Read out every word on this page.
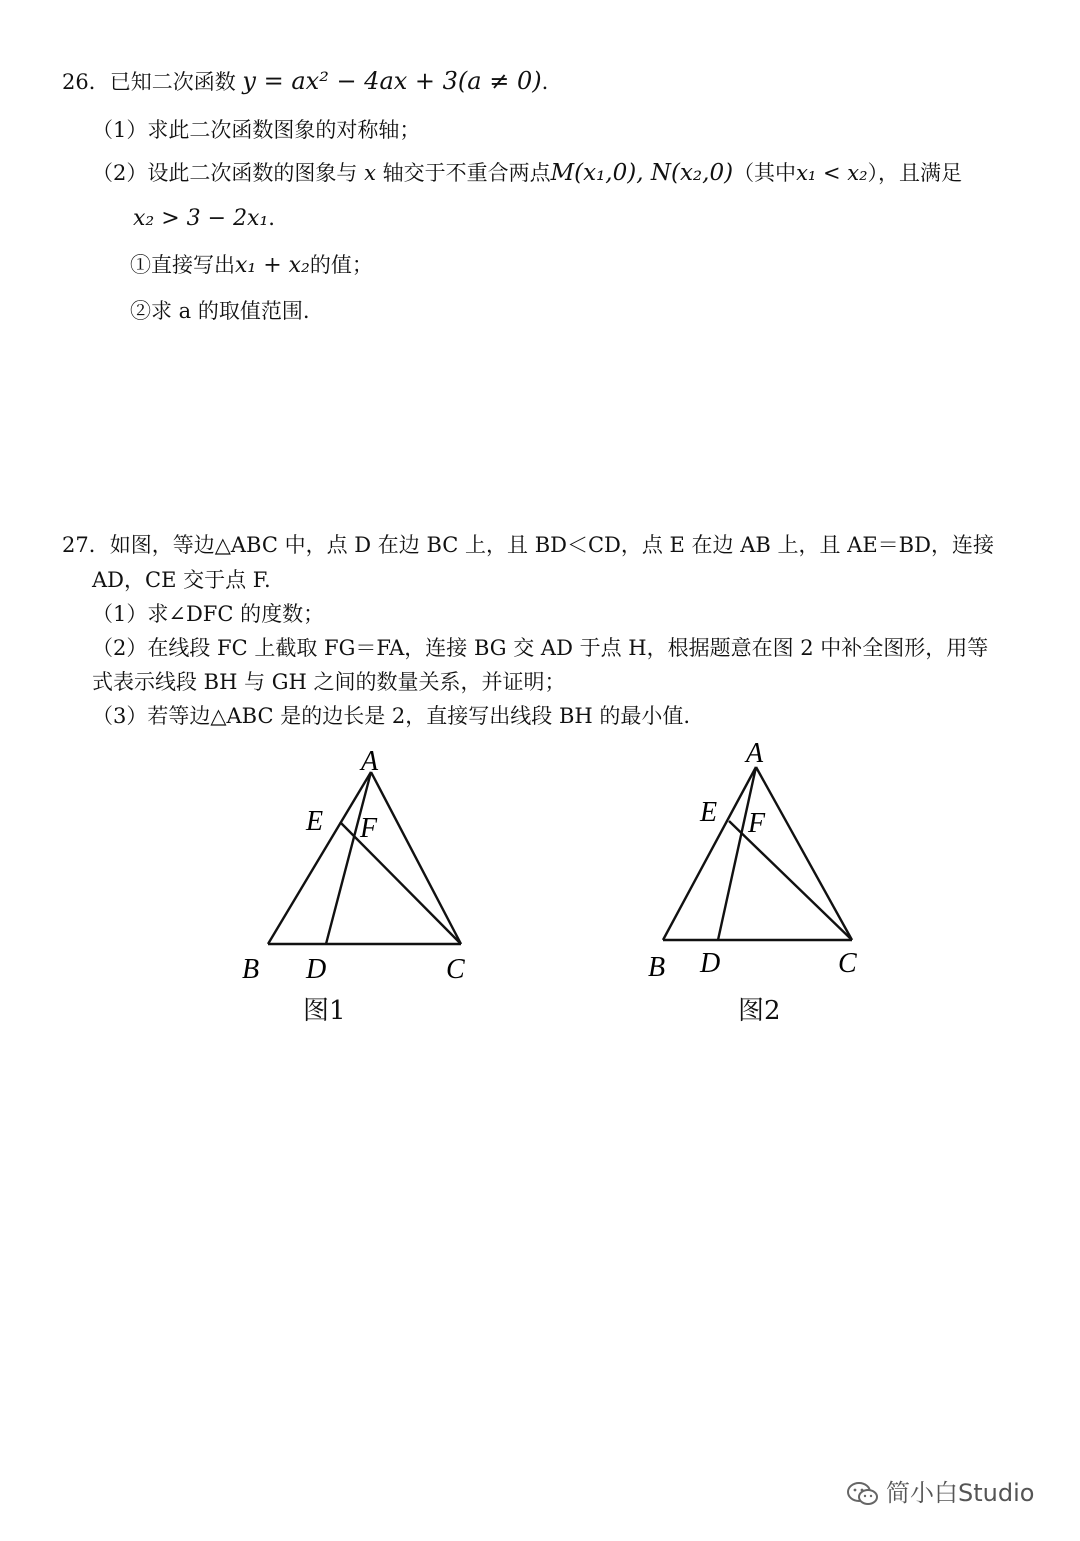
26．已知二次函数 y = ax² − 4ax + 3(a ≠ 0).
（1）求此二次函数图象的对称轴；
（2）设此二次函数的图象与 x 轴交于不重合两点M(x₁,0), N(x₂,0)（其中x₁ < x₂），且满足
x₂ > 3 − 2x₁.
①直接写出x₁ + x₂的值；
②求 a 的取值范围.
27．如图，等边△ABC 中，点 D 在边 BC 上，且 BD＜CD，点 E 在边 AB 上，且 AE＝BD，连接
AD，CE 交于点 F.
（1）求∠DFC 的度数；
（2）在线段 FC 上截取 FG＝FA，连接 BG 交 AD 于点 H，根据题意在图 2 中补全图形，用等
式表示线段 BH 与 GH 之间的数量关系，并证明；
（3）若等边△ABC 是的边长是 2，直接写出线段 BH 的最小值.
A
E F
B D	C
图1
A
E F
B D	C
图2
简小白Studio
